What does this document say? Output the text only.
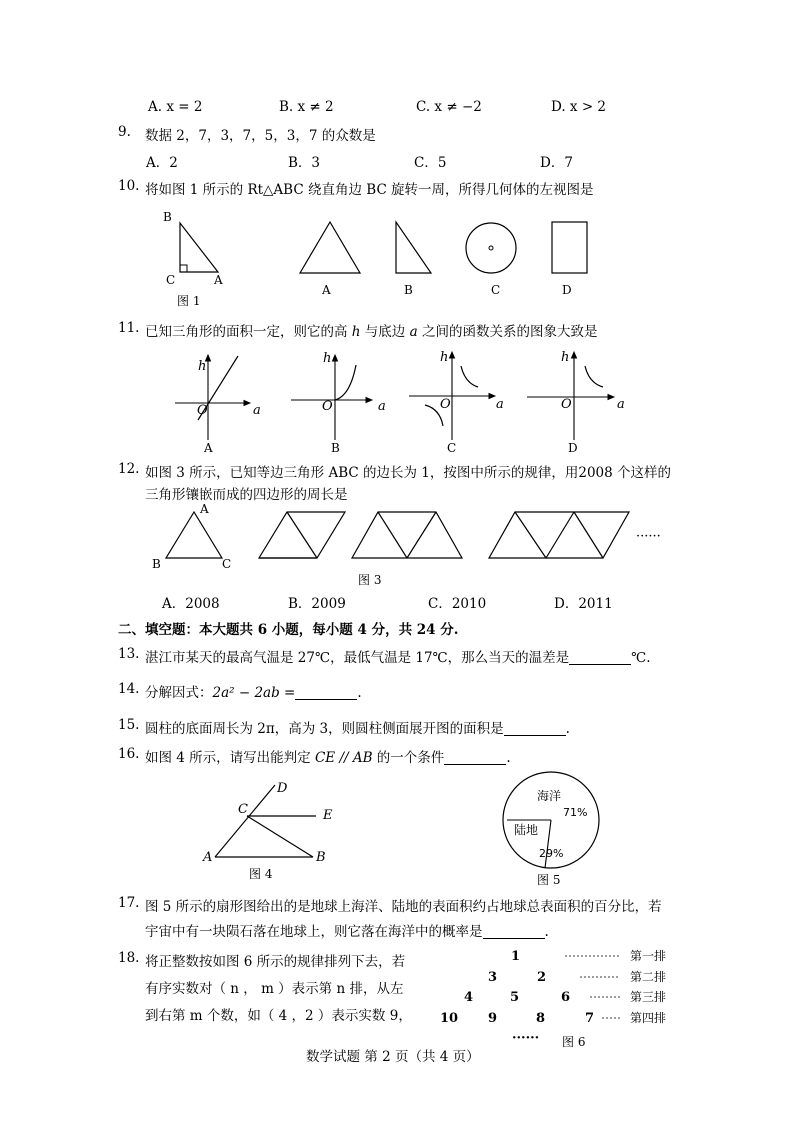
A. x = 2	B. x ≠ 2	C. x ≠ −2	D. x > 2
9. 数据 2，7，3，7，5，3，7 的众数是
A．2	B．3	C．5	D．7
10. 将如图 1 所示的 Rt△ABC 绕直角边 BC 旋转一周，所得几何体的左视图是
B
C	A
图 1
A	B	C	D
11. 已知三角形的面积一定，则它的高 h 与底边 a 之间的函数关系的图象大致是
h
O	a
A
h
O	a
B
h
O	a
C
h
O	a
D
12. 如图 3 所示，已知等边三角形 ABC 的边长为 1，按图中所示的规律，用2008 个这样的
三角形镶嵌而成的四边形的周长是
A
B	C
······
图 3
A．2008	B．2009	C．2010	D．2011
二、填空题：本大题共 6 小题，每小题 4 分，共 24 分.
13. 湛江市某天的最高气温是 27℃，最低气温是 17℃，那么当天的温差是	℃.
14. 分解因式：2a² − 2ab =	.
15. 圆柱的底面周长为 2π，高为 3，则圆柱侧面展开图的面积是	.
16. 如图 4 所示，请写出能判定 CE // AB 的一个条件	.
D
C	E
A	B
图 4
海洋
71%
陆地
29%
图 5
17. 图 5 所示的扇形图给出的是地球上海洋、陆地的表面积约占地球总表面积的百分比，若
宇宙中有一块陨石落在地球上，则它落在海洋中的概率是	.
18. 将正整数按如图 6 所示的规律排列下去，若
有序实数对（ n ， m ）表示第 n 排，从左
到右第 m 个数，如（ 4 ，2 ）表示实数 9，
1
3	2
4	5	6
10 9	8	7
第一排
第二排
第三排
第四排
······ 图 6
数学试题 第 2 页（共 4 页）
